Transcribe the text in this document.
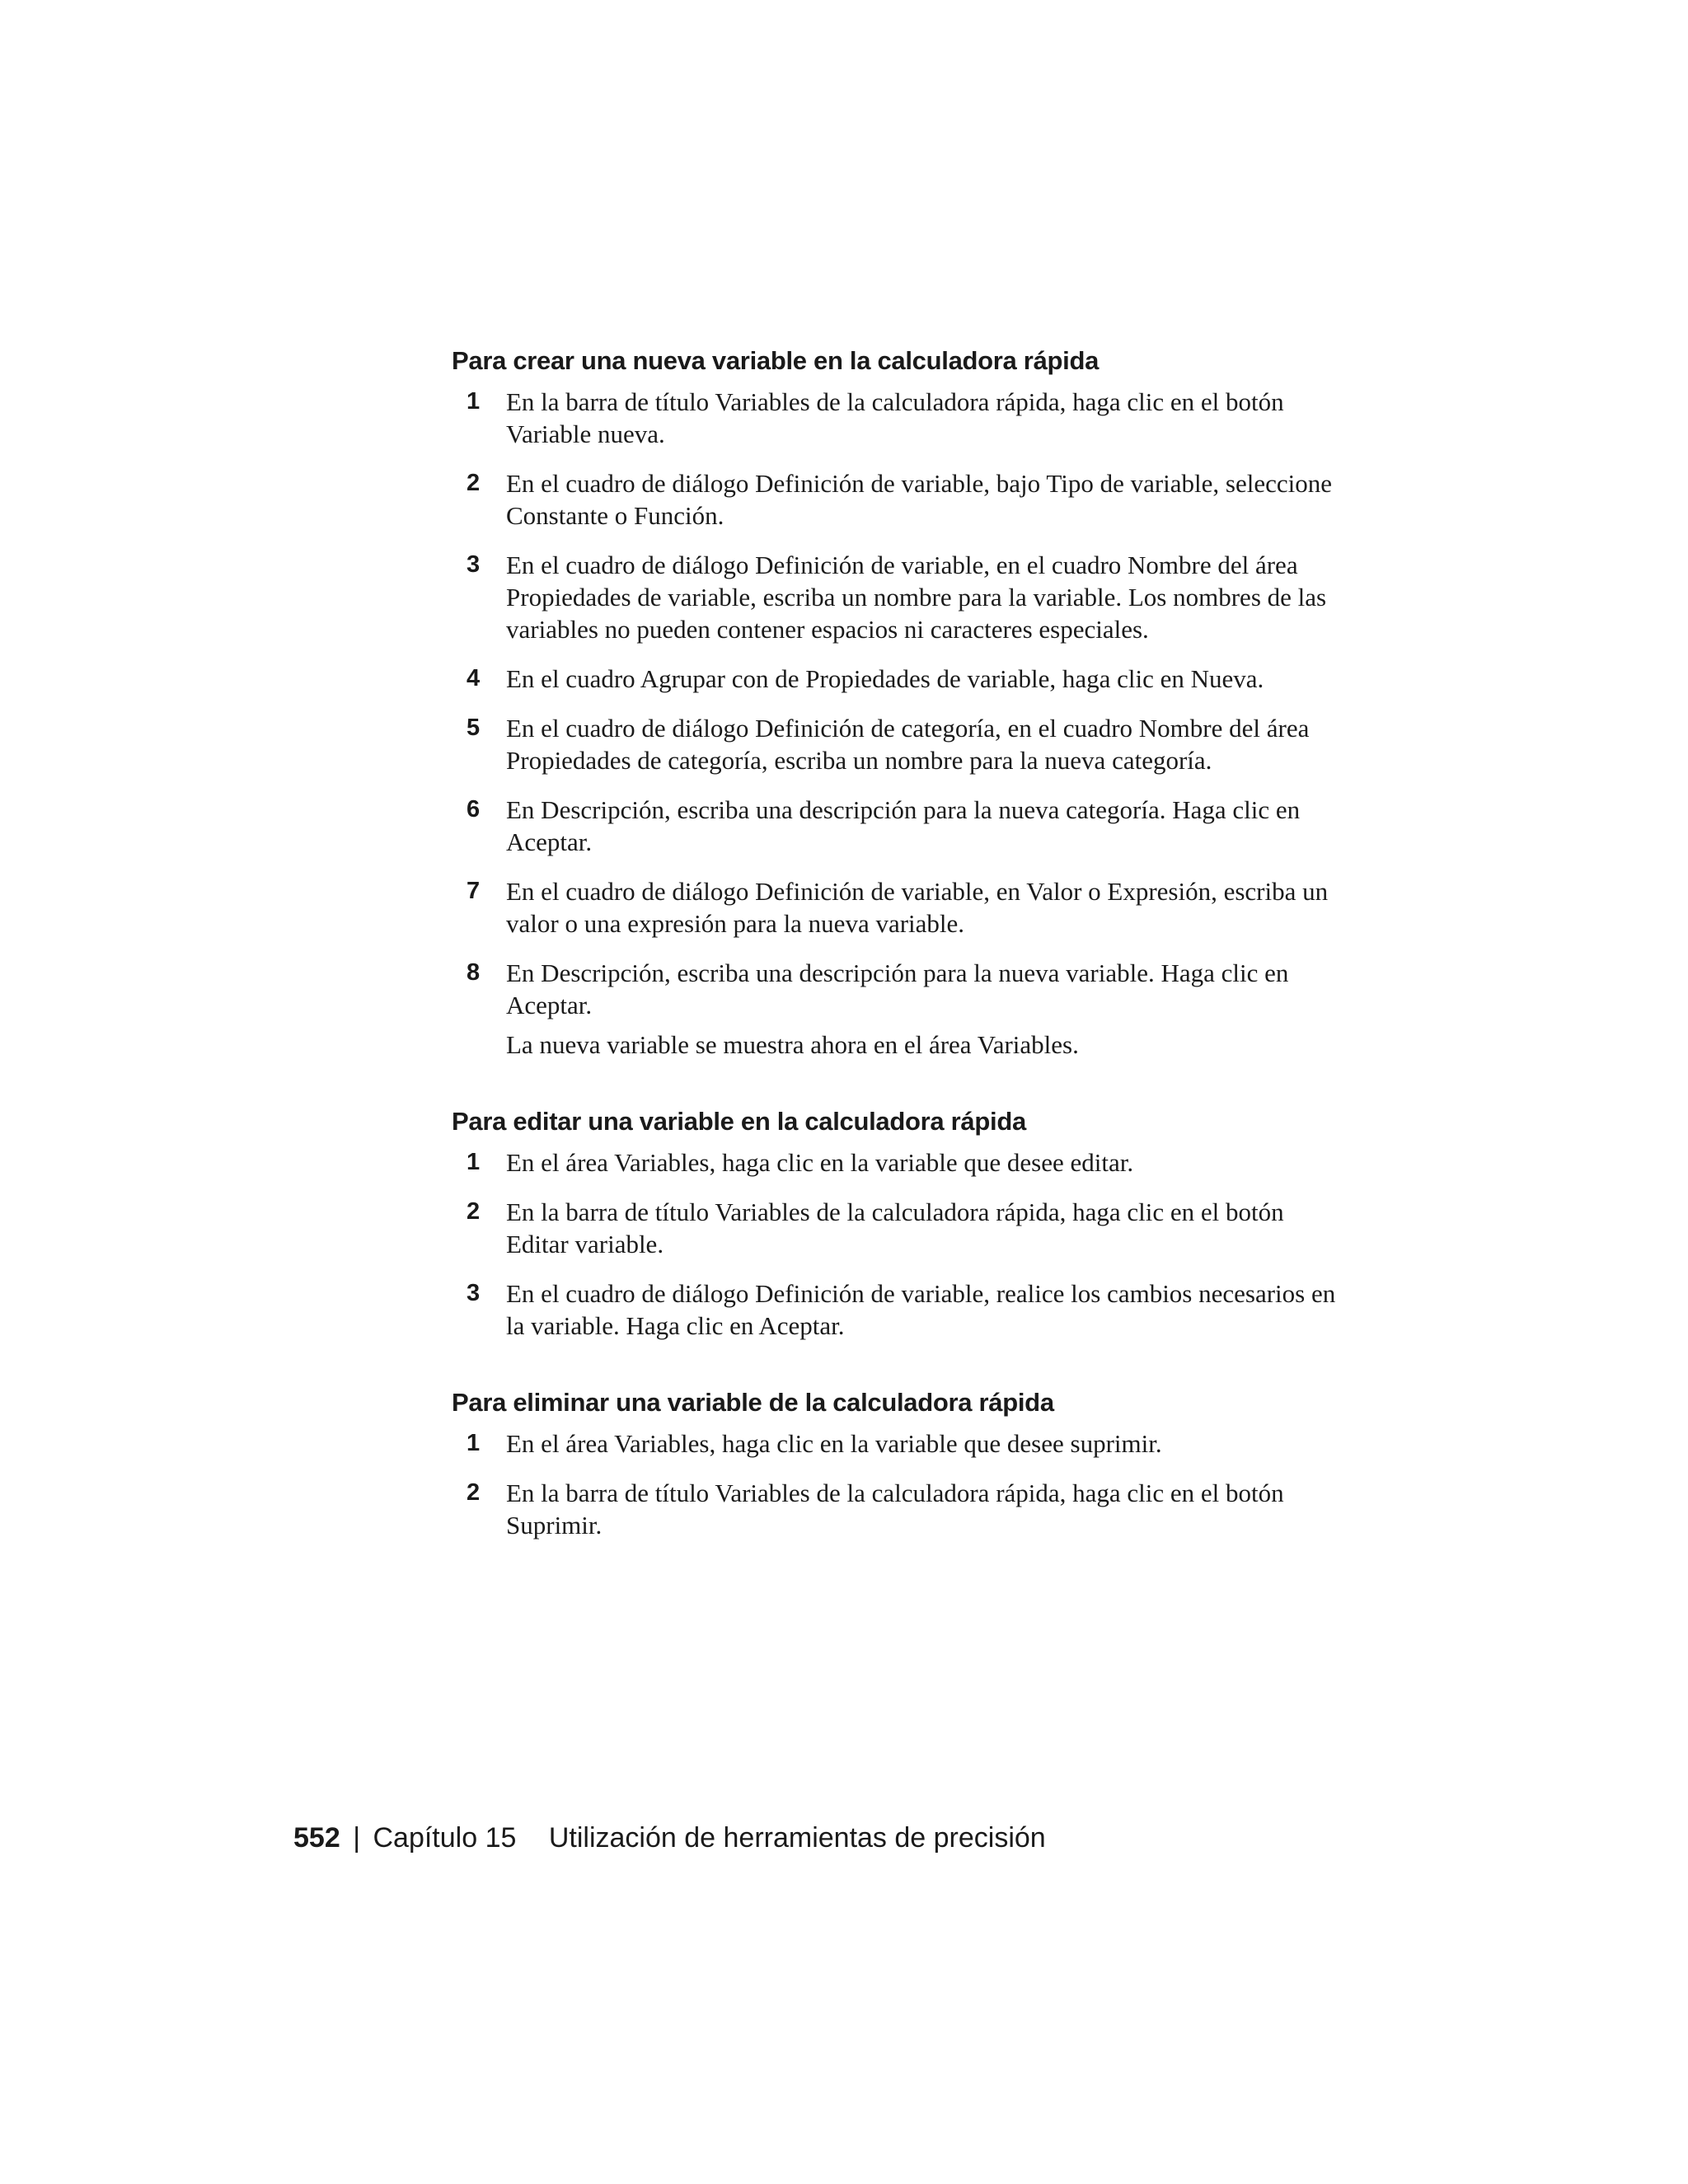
Para crear una nueva variable en la calculadora rápida
1	En la barra de título Variables de la calculadora rápida, haga clic en el botón Variable nueva.

2	En el cuadro de diálogo Definición de variable, bajo Tipo de variable, seleccione Constante o Función.

3	En el cuadro de diálogo Definición de variable, en el cuadro Nombre del área Propiedades de variable, escriba un nombre para la variable. Los nombres de las variables no pueden contener espacios ni caracteres especiales.

4	En el cuadro Agrupar con de Propiedades de variable, haga clic en Nueva.

5	En el cuadro de diálogo Definición de categoría, en el cuadro Nombre del área Propiedades de categoría, escriba un nombre para la nueva categoría.

6	En Descripción, escriba una descripción para la nueva categoría. Haga clic en Aceptar.

7	En el cuadro de diálogo Definición de variable, en Valor o Expresión, escriba un valor o una expresión para la nueva variable.

8	En Descripción, escriba una descripción para la nueva variable. Haga clic en Aceptar.

La nueva variable se muestra ahora en el área Variables.

Para editar una variable en la calculadora rápida
1	En el área Variables, haga clic en la variable que desee editar.

2	En la barra de título Variables de la calculadora rápida, haga clic en el botón Editar variable.

3	En el cuadro de diálogo Definición de variable, realice los cambios necesarios en la variable. Haga clic en Aceptar.

Para eliminar una variable de la calculadora rápida
1	En el área Variables, haga clic en la variable que desee suprimir.

2	En la barra de título Variables de la calculadora rápida, haga clic en el botón Suprimir.

552 | Capítulo 15 Utilización de herramientas de precisión
